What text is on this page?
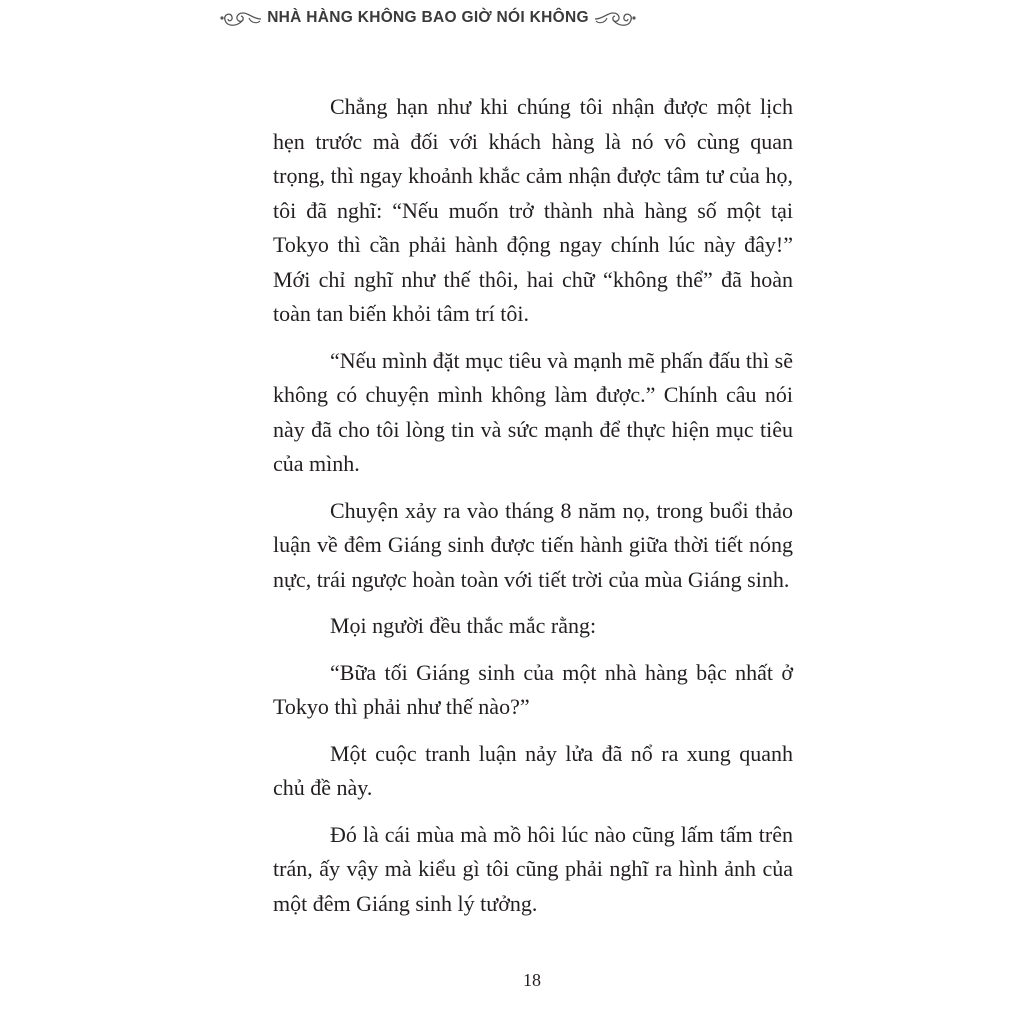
NHÀ HÀNG KHÔNG BAO GIỜ NÓI KHÔNG

Chẳng hạn như khi chúng tôi nhận được một lịch hẹn trước mà đối với khách hàng là nó vô cùng quan trọng, thì ngay khoảnh khắc cảm nhận được tâm tư của họ, tôi đã nghĩ: “Nếu muốn trở thành nhà hàng số một tại Tokyo thì cần phải hành động ngay chính lúc này đây!” Mới chỉ nghĩ như thế thôi, hai chữ “không thể” đã hoàn toàn tan biến khỏi tâm trí tôi.

“Nếu mình đặt mục tiêu và mạnh mẽ phấn đấu thì sẽ không có chuyện mình không làm được.” Chính câu nói này đã cho tôi lòng tin và sức mạnh để thực hiện mục tiêu của mình.

Chuyện xảy ra vào tháng 8 năm nọ, trong buổi thảo luận về đêm Giáng sinh được tiến hành giữa thời tiết nóng nực, trái ngược hoàn toàn với tiết trời của mùa Giáng sinh.

Mọi người đều thắc mắc rằng:

“Bữa tối Giáng sinh của một nhà hàng bậc nhất ở Tokyo thì phải như thế nào?”

Một cuộc tranh luận nảy lửa đã nổ ra xung quanh chủ đề này.

Đó là cái mùa mà mồ hôi lúc nào cũng lấm tấm trên trán, ấy vậy mà kiểu gì tôi cũng phải nghĩ ra hình ảnh của một đêm Giáng sinh lý tưởng.

18
